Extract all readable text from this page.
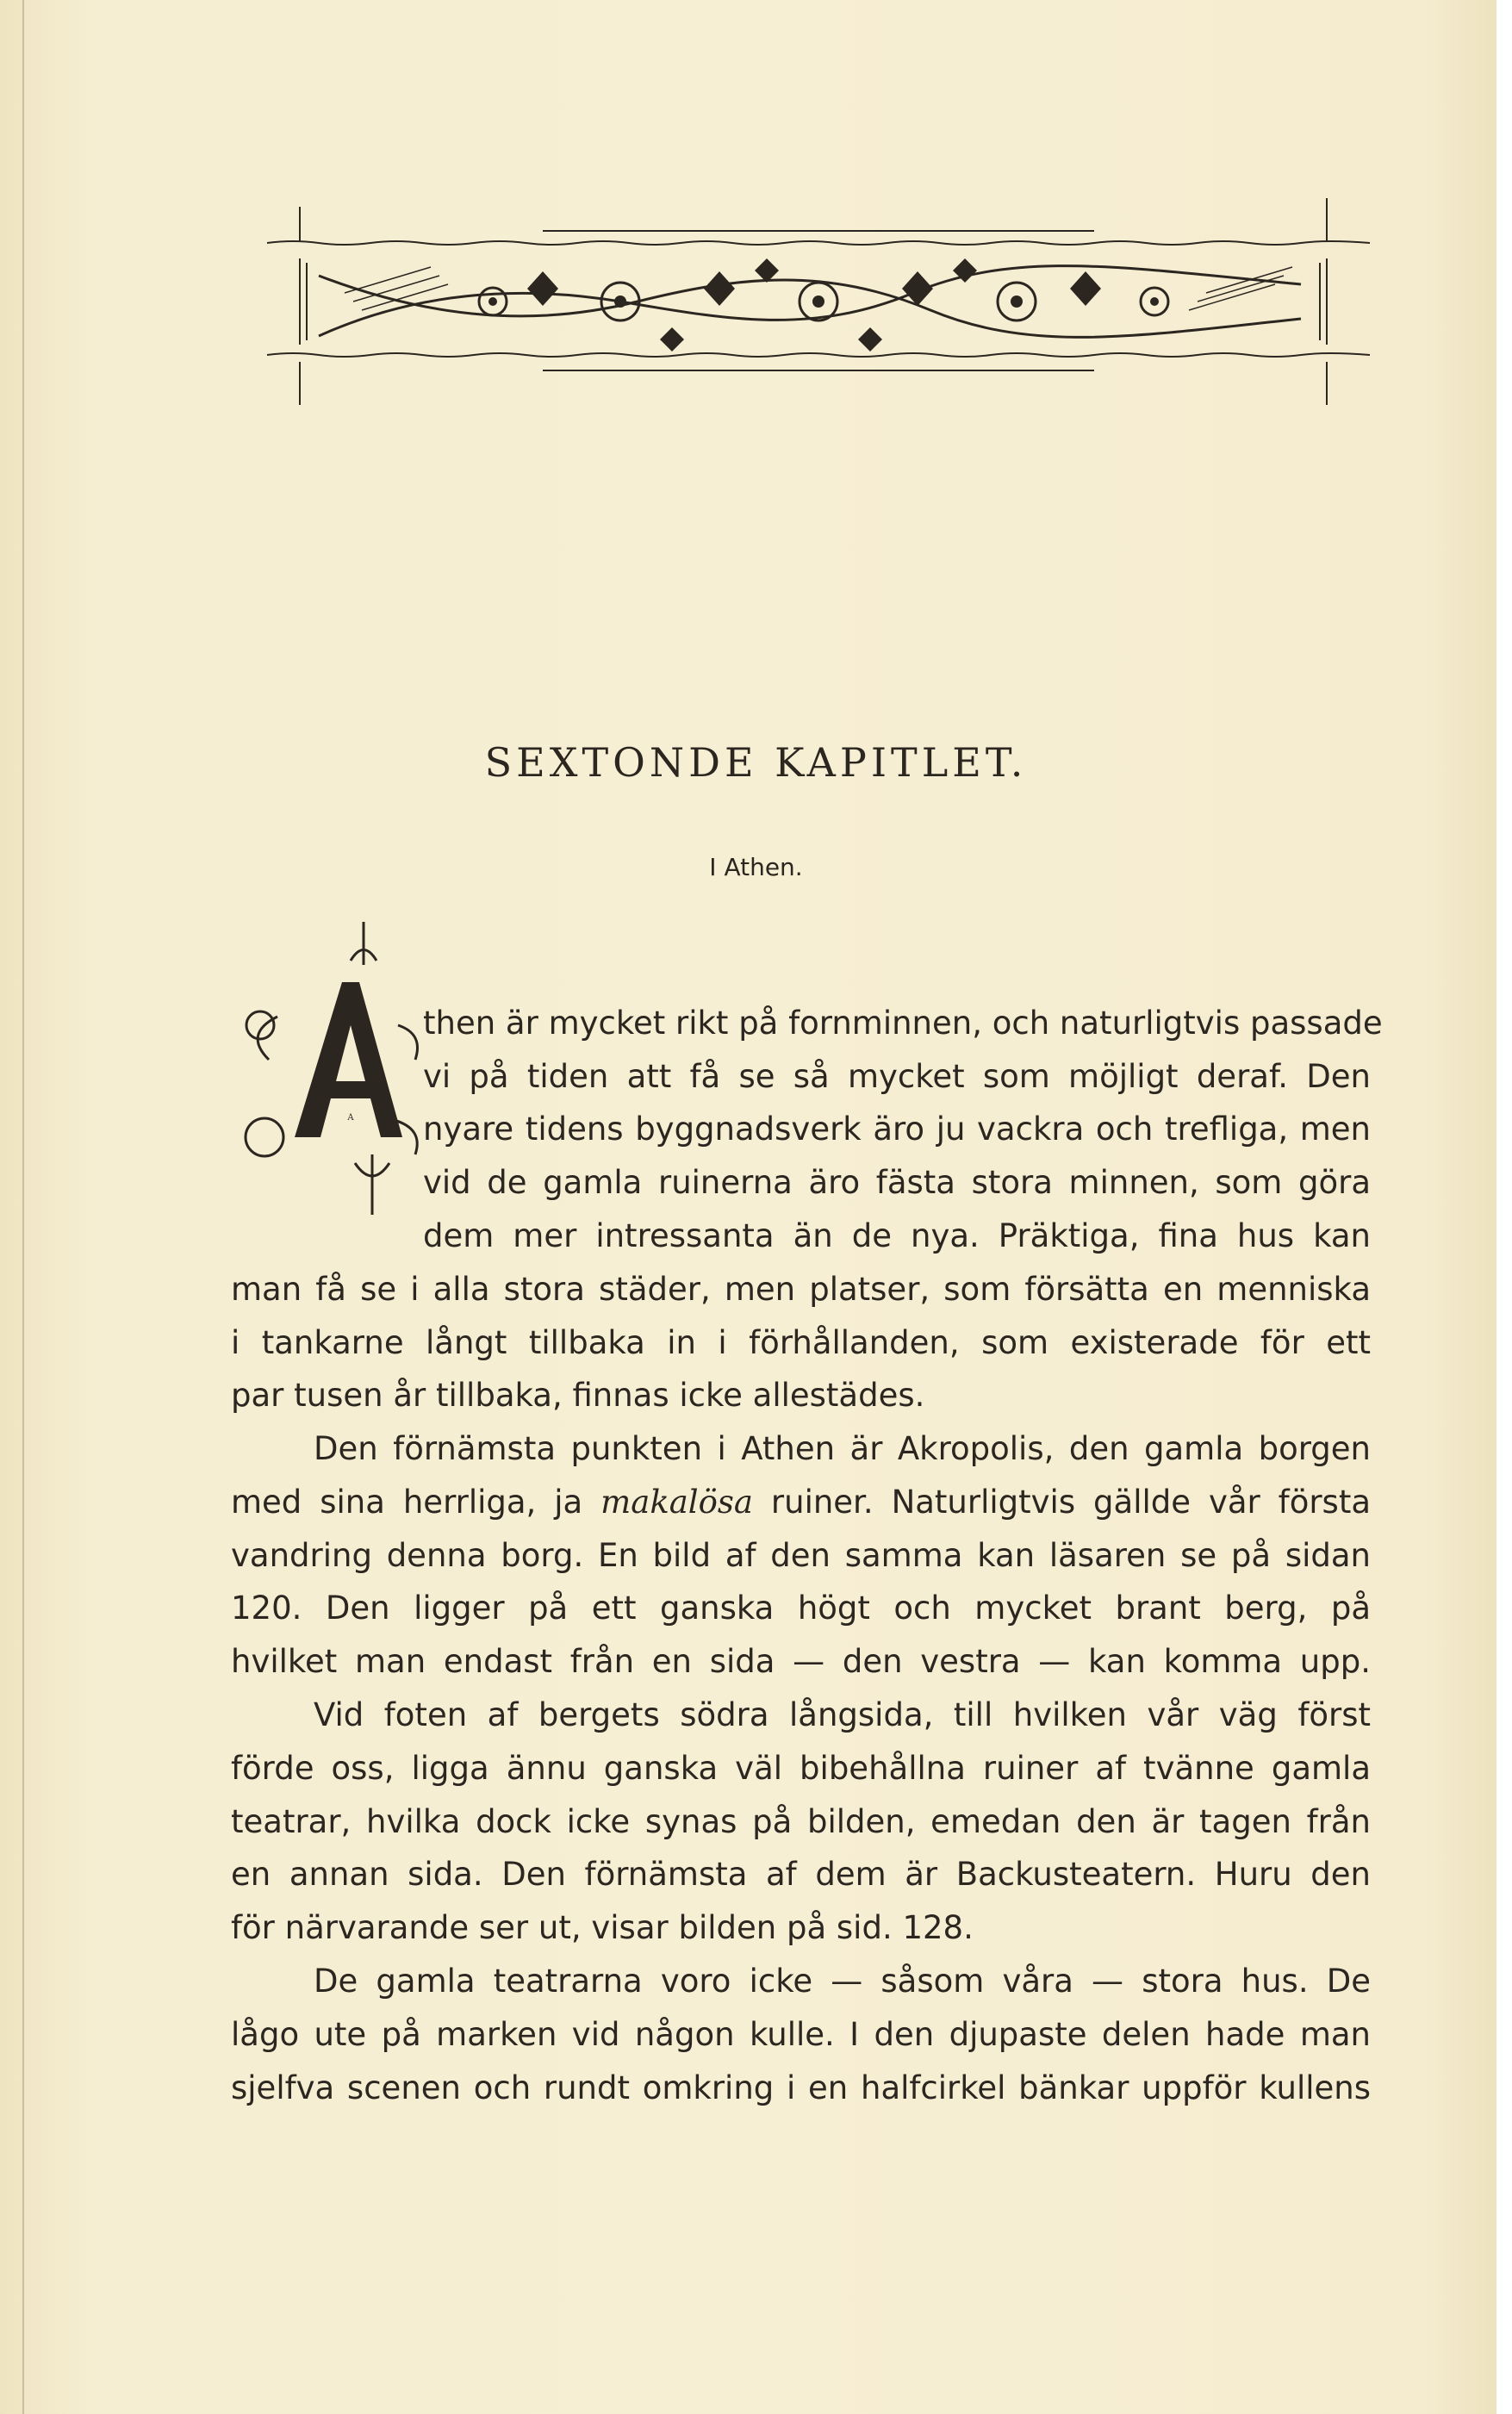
SEXTONDE KAPITLET.
I Athen.
A
then är mycket rikt på fornminnen, och naturligtvis passade
vi på tiden att få se så mycket som möjligt deraf. Den
nyare tidens byggnadsverk äro ju vackra och trefliga, men
vid de gamla ruinerna äro fästa stora minnen, som göra
dem mer intressanta än de nya. Präktiga, fina hus kan
man få se i alla stora städer, men platser, som försätta en menniska
i tankarne långt tillbaka in i förhållanden, som existerade för ett
par tusen år tillbaka, finnas icke allestädes.
Den förnämsta punkten i Athen är Akropolis, den gamla borgen
med sina herrliga, ja makalösa ruiner. Naturligtvis gällde vår första
vandring denna borg. En bild af den samma kan läsaren se på sidan
120. Den ligger på ett ganska högt och mycket brant berg, på
hvilket man endast från en sida — den vestra — kan komma upp.
Vid foten af bergets södra långsida, till hvilken vår väg först
förde oss, ligga ännu ganska väl bibehållna ruiner af tvänne gamla
teatrar, hvilka dock icke synas på bilden, emedan den är tagen från
en annan sida. Den förnämsta af dem är Backusteatern. Huru den
för närvarande ser ut, visar bilden på sid. 128.
De gamla teatrarna voro icke — såsom våra — stora hus. De
lågo ute på marken vid någon kulle. I den djupaste delen hade man
sjelfva scenen och rundt omkring i en halfcirkel bänkar uppför kullens
